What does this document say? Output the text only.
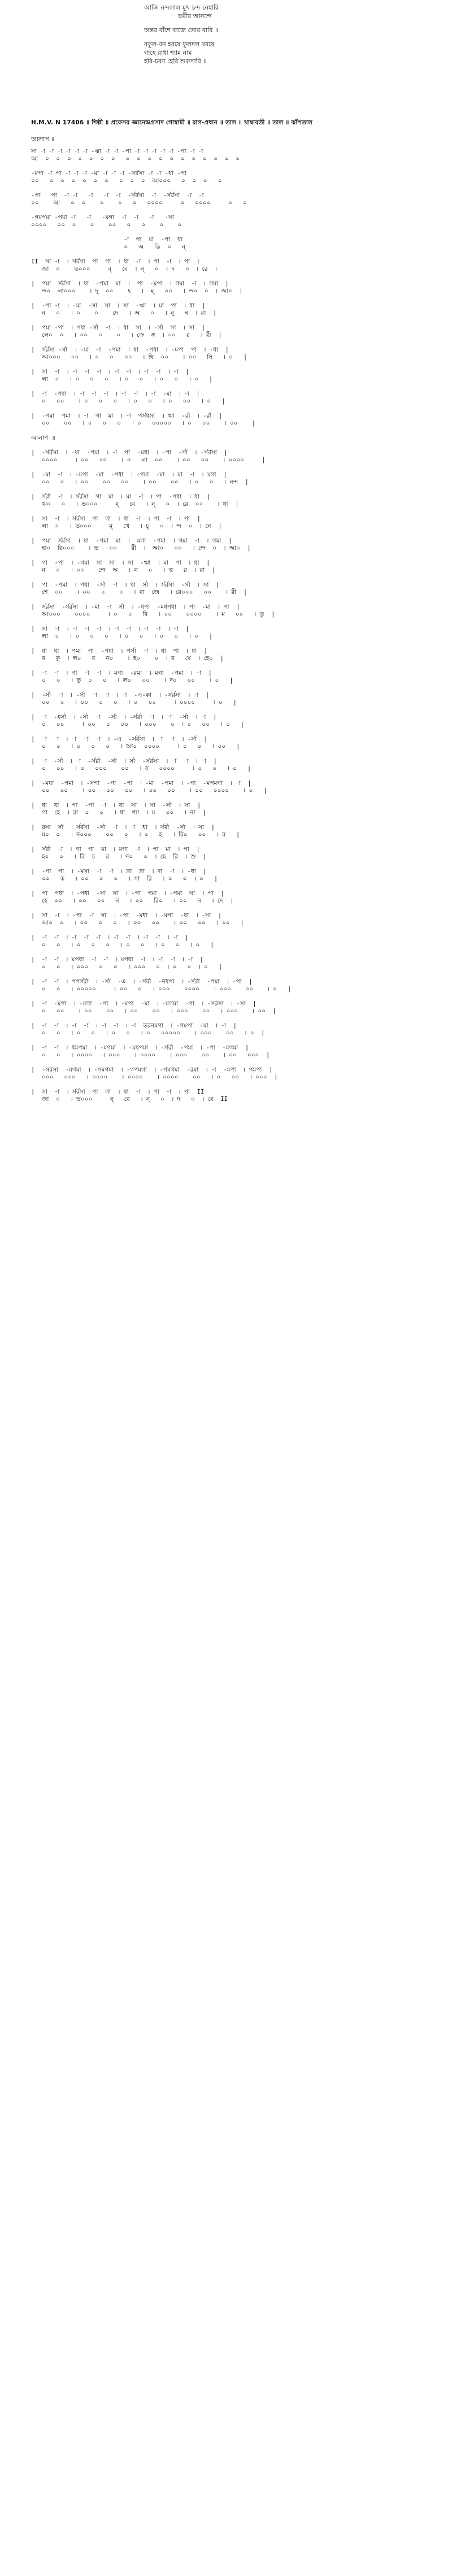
আজি নন্দলাল মুখ চন্দ নেহারি
ভরীর আনন্দে
অন্তর বাঁশে বাজে তোর বারি ॥
বকুল-বন হরষে ফুলদল বরষে
গাহে রাধা শ্যাম নাম
হরি-চরণ হেরি শুকসারি ॥
H.M.V. N 17406 ॥ শিল্পী ॥ প্রফেসর জ্ঞানেন্দ্রপ্রসাদ গোস্বামী ॥ রাগ-প্রধান ॥ তাল ॥ খাম্বাবতী ॥ তাল ॥ ঝাঁপতাল
আলাপ ॥
সা -া -া -া -া -া -া -ঋা -া -া -পা -া -া -া -া -া -পা -া -া
আ  ০  ০  ০  ০  ০  ০  ০   ০  ০  ০  ০  ০  ০  ০  ০  ০  ০  ০
-মপা -া পা -া -া -া -মা -া -া -া -সর্রসা -া -া -ধা -পা
০০   ০  ০  ০  ০  ০  ০   ০  ০  ০  আ০০০   ০  ০  ০   ০
-পা   পা  -া -া   -া   -া  -া  -র্সর্রসা  -া  -র্সর্রসা  -া  -া
০০    আ   ০  ০    ০    ০   ০   ০০০০     ০   ০০০০     ০   ০
-গমপমা -পমা -া   -া   -মগা  -া  -া   -া   -সা
০০০০   ০০  ০    ০    ০০   ০   ০    ০    ০
-া  গা  মা  -পা  ধা
০   অ   ন্তি  ০   ন্
II  সা -া  । র্সর্রসা  পা  গা  । ধা  -া  । পা  -া  । পা  ।
জা  ০    ভ০০০     ব্   বে  । ন্   ০  । দ   ০  । রে  ।
|  পমা  র্সর্রসা  । ধা  -পমা  মা  ।  পা  -মপা  । গমা  -া  । গমা  |
ন্দ০  লা০০০    । দু  ০০    হ   ।  ম্   ০০   । ন্দ০  ০  । আ০  |
|  -পা -া  । -মা  -সা  সা  । সা  -ঋা  । মা  পা  । ধা  |
ন   ০   । ০    ০    দে   । অ   ০   । নু   ন্ব  । রা  |
|  পমা -পা  । পধা -র্সা  -া  । ধা  সা  । -র্সা  সা  । সা  |
লে০  ০   । ০০   ০    ০   । ক্রে  ঙ্গ  । ০০   র   । রী  |
|  র্সর্রসা -র্সা  । -মা  -া  -পমা  । ধা  -পধা  । -মপা  পা  । -ধা  |
আ০০০   ০০   । ০   ০   ০০   । দ্বি  ০০    । ০০   সি   । ০   |
|  সা  -া  । -া  -া  -া  । -া  -া  । -া  -া  । -া  |
লা  ০   । ০   ০   ০   । ০   ০   । ০   ০   । ০   |
|  -া  -পধা  । -া  -া  -া  । -া  -া  । -া  -মা  । -া  |
০   ০০    । ০   ০   ০   । ০   ০   । ০   ০০   । ০   |
|  -পমা  পমা  । -া  গা  মা  । -া  পর্সধসা  । ঋা  -র্রা  । -র্রা  |
০০    ০০   । ০   ০   ০   । ০   ০০০০০   । ০   ০০    । ০০    |
আলাপ ॥
|  -র্সর্রসা  । -ধা  -পমা  । -া  পা  -মধা  । -পা  -র্সা  । -র্সর্রসা  |
০০০০     । ০০   ০০    । ০   লা  ০০    । ০০   ০০    । ০০০০     |
|  -মা  -া  । -মপা  -মা  -পধা  । -পমা  -মা  । মা  -া  । মগা  |
০০   ০   । ০০    ০০   ০০    । ০০    ০০   । ০   ০   । নন্দ  |
|  র্সর্রা  -া  । র্সর্রসা  গা  মা  । মা  -া  । পা  -পধা  । ধা  |
ঋ০   ০   । ভ০০০     ব্   বে   । ন্   ০  । রে  ০০    । ধা  |
|  সা  -া  । র্সর্রসা  পা  গা  । ধা  -া  । পা  -া  । পা  |
লা  ০   । ভ০০০     ম্   খে   । চ্   ০  । ন্দ  ০  । নে  |
|  পমা  র্সর্রসা  । ধা  -পমা  মা  ।  মগা  -পমা  । গমা  -া  । গমা  |
হা০  রি০০০    । ভ   ০০    রী  ।  আ০   ০০   । ন্দে  ০  । আ০  |
|  গা  -পা  । -গমা  সা  সা  । সা  -ঋা  । মা  পা  । ধা  |
ন   ০   । ০০    ন্দে  অ   । ন   ০   । ত্ত   র  । রা  |
|  পা  -পমা  । পধা  -র্সা  -া  । ধা  র্সা  । র্সর্রসা  -র্সা  । সা  |
শে  ০০    । ০০   ০    ০   । বা  জে   । রে০০০   ০০    । রী  |
|  র্সর্রসা  -র্সর্রসা  । -মা  -া  র্সা  । -ধপা  -মধপধা  । পা  -মা  । পা  |
আ০০০    ০০০০     । ০   ০   বি   । ০০    ০০০০    । ম   ০০   । তু  |
|  সা  -া  । -া  -া  -া  । -া  -া  । -া  -া  । -া  |
লা  ০   । ০   ০   ০   । ০   ০   । ০   ০   । ০   |
|  ধা  ধা  । পমা  পা  -পধা  । পর্সা  -া  । ধা  পা  । ধা  |
ব   কু  । ল০   ব   ন০    । হ০    ০  । র   ষে  । হে০  |
|  -া  -া  । গা  -া  -া  । মগা  -রমা  । মগা  -পমা  । -া  |
০   ০   । ফু  ০   ০   । ল০   ০০    । দ০   ০০    । ০   |
|  -র্সা  -া  । -র্সা  -া  -া  । -া  -এ-কা  । -র্সর্রসা  । -া  |
০০   ০   । ০০   ০   ০   । ০   ০০     । ০০০০     । ০   |
|  -া  -ধর্সা  । -র্সা  -া  -র্সা  । -র্সর্রা  -া  । -া  -র্সা  । -া  |
০   ০০     । ০০   ০   ০০   । ০০০    ০  । ০   ০০   । ০   |
|  -া  -া  । -া  -া  -া  । -এ  -র্সর্রসা  । -া  -া  । -র্সা  |
০   ০   । ০   ০   ০   । আ০  ০০০০     । ০   ০   । ০০   |
|  -া  -র্সা  । -া  -র্সর্রা  -র্সা  । র্সা  -র্সর্রসা  । -া  -া  । -া  |
০   ০০   । ০   ০০০    ০০   । র   ০০০০     । ০   ০   । ০   |
|  -মধা  -পমা  । -সপা  -পা  -পা  । -মা  -পমা  । -পা  -মপমগা  । -া  |
০০   ০০    । ০০   ০০   ০০   । ০০   ০০    । ০০   ০০০০    । ০   |
|  ধা  ধা  । পা  -পা  -া  । ধা  সা  । সা  -র্সা  । সা  |
গা  হে  । রা  ০   ০   । ধা  শ্যা  । ম   ০০   । না  |
|  রসা  র্সা  । র্সর্রসা  -র্সা  -া  । -া  ধা  । র্সর্রা  -র্সা  । সা  |
ম০  ০   । ন০০০    ০০   ০   । ০   হ   । রি০   ০০   । র   |
|  র্সর্রা  -া  । গা  গা  মা  । মগা  -া  । পা  মা  । পা  |
হ০   ০   । রি  চ   র   । ণ০   ০  । হে  রি  । শু  |
|  -পা  পা  । -মসা  -া  -া  । দ্রা  দ্রা  । দা  -া  । -ধা  |
০০   ক   । ০০   ০   ০   । সা  রি   । ০   ০  । ০   |
|  পা  পধা  । -পধা  -সা  সা  । -পা  পমা  । -পমা  সা  । পা  |
হে  ০০   । ০০   ০০   ন   । ০০   রি০   । ০০   ন   । দে  |
|  সা  -া  । -পা  -া  সা  । -পা  -মধা  । -মপা  -ধা  । -সা  |
আ০  ০   । ০০   ০   ০   । ০০   ০০    । ০০   ০০   । ০০   |
|  -া  -া  । -া  -া  -া  । -া  -া  । -া  -া  । -া  |
০   ০   । ০   ০   ০   । ০   ০   । ০   ০   । ০   |
|  -া  -া  । মপধা  -া  -া  । মপধা  -া  । -া  -া  । -া  |
০   ০   । ০০০   ০   ০   । ০০০   ০  । ০   ০  । ০   |
|  -া  -া  । পপর্সর্রা  । -র্সা  -এ  । -র্সর্রা  -নধপা  । -র্সর্রা  -পমা  । -পা  |
০   ০   । ০০০০০     । ০০   ০   । ০০০    ০০০০    । ০০০    ০০    । ০   |
|  -া  -মপা  । -মগা  -পা  । -মপা  -মা  । -মগমা  -গা  । -সরসা  । -সা  |
০   ০০    । ০০    ০০   । ০০    ০০   । ০০০    ০০   । ০০০    । ০০  |
|  -া  -া  । -া  -া  । -া  -া  । -া  তরনমগা  । -গমপা  -মা  । -া  |
০   ০   । ০   ০   । ০   ০   । ০   ০০০০০    । ০০০    ০০   । ০  |
|  -া  -া  । ধমপমা  । -মগমা  । -মধপমা  । -র্সর্রা  -পমা  । -পা  -মগমা  |
০   ০   । ০০০০   । ০০০    । ০০০০    । ০০০    ০০    । ০০   ০০০  |
|  -সরসা  -মগমা  । -সমগমা  । -গপমগা  । -পমগমা  -রমা  । -া  -মপা  । পমপা  |
০০০   ০০০   । ০০০০    । ০০০০    । ০০০০    ০০   । ০   ০০   । ০০০  |
|  সা  -া  । র্সর্রসা  পা  গা  । ধা  -া  । পা  -া  । পা  II
জা  ০   । ভ০০০     ব্   বে   । ন্   ০  । দ   ০  । রে  II
